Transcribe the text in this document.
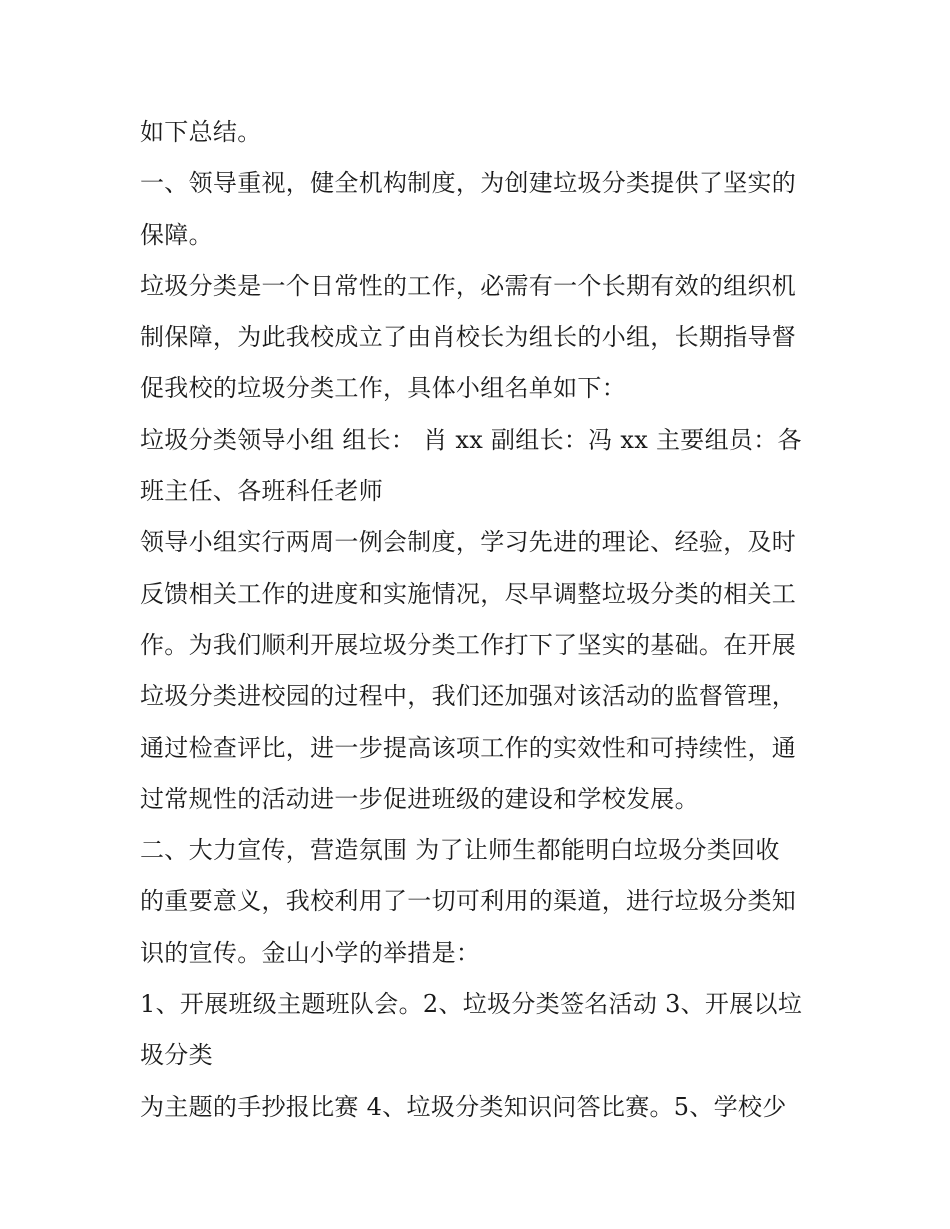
如下总结。
一、领导重视，健全机构制度，为创建垃圾分类提供了坚实的
保障。
垃圾分类是一个日常性的工作，必需有一个长期有效的组织机
制保障，为此我校成立了由肖校长为组长的小组，长期指导督
促我校的垃圾分类工作，具体小组名单如下：
垃圾分类领导小组 组长： 肖 xx 副组长：冯 xx 主要组员：各
班主任、各班科任老师
领导小组实行两周一例会制度，学习先进的理论、经验，及时
反馈相关工作的进度和实施情况，尽早调整垃圾分类的相关工
作。为我们顺利开展垃圾分类工作打下了坚实的基础。在开展
垃圾分类进校园的过程中，我们还加强对该活动的监督管理，
通过检查评比，进一步提高该项工作的实效性和可持续性，通
过常规性的活动进一步促进班级的建设和学校发展。
二、大力宣传，营造氛围 为了让师生都能明白垃圾分类回收
的重要意义，我校利用了一切可利用的渠道，进行垃圾分类知
识的宣传。金山小学的举措是：
1、开展班级主题班队会。2、垃圾分类签名活动 3、开展以垃
圾分类
为主题的手抄报比赛 4、垃圾分类知识问答比赛。5、学校少
